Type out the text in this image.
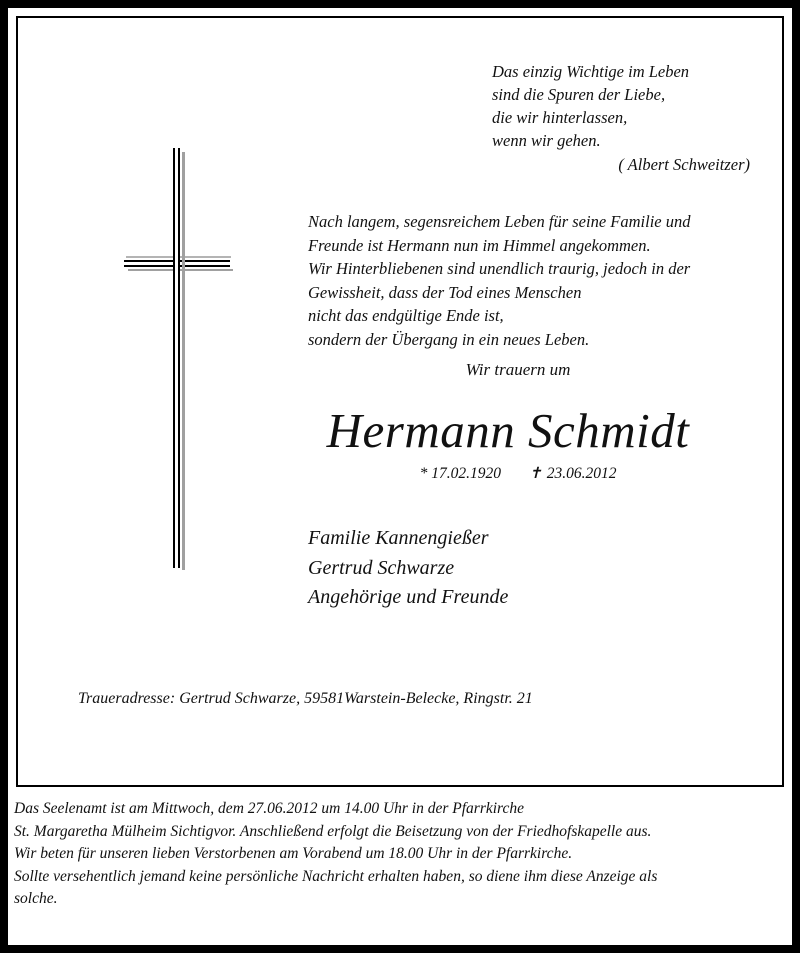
Das einzig Wichtige im Leben
sind die Spuren der Liebe,
die wir hinterlassen,
wenn wir gehen.
( Albert Schweitzer)
Nach langem, segensreichem Leben für seine Familie und
Freunde ist Hermann nun im Himmel angekommen.
Wir Hinterbliebenen sind unendlich traurig, jedoch in der
Gewissheit, dass der Tod eines Menschen
nicht das endgültige Ende ist,
sondern der Übergang in ein neues Leben.
Wir trauern um
Hermann Schmidt
* 17.02.1920 ✝ 23.06.2012
Familie Kannengießer
Gertrud Schwarze
Angehörige und Freunde
Traueradresse: Gertrud Schwarze, 59581Warstein-Belecke, Ringstr. 21
Das Seelenamt ist am Mittwoch, dem 27.06.2012 um 14.00 Uhr in der Pfarrkirche
St. Margaretha Mülheim Sichtigvor. Anschließend erfolgt die Beisetzung von der Friedhofskapelle aus.
Wir beten für unseren lieben Verstorbenen am Vorabend um 18.00 Uhr in der Pfarrkirche.
Sollte versehentlich jemand keine persönliche Nachricht erhalten haben, so diene ihm diese Anzeige als
solche.
